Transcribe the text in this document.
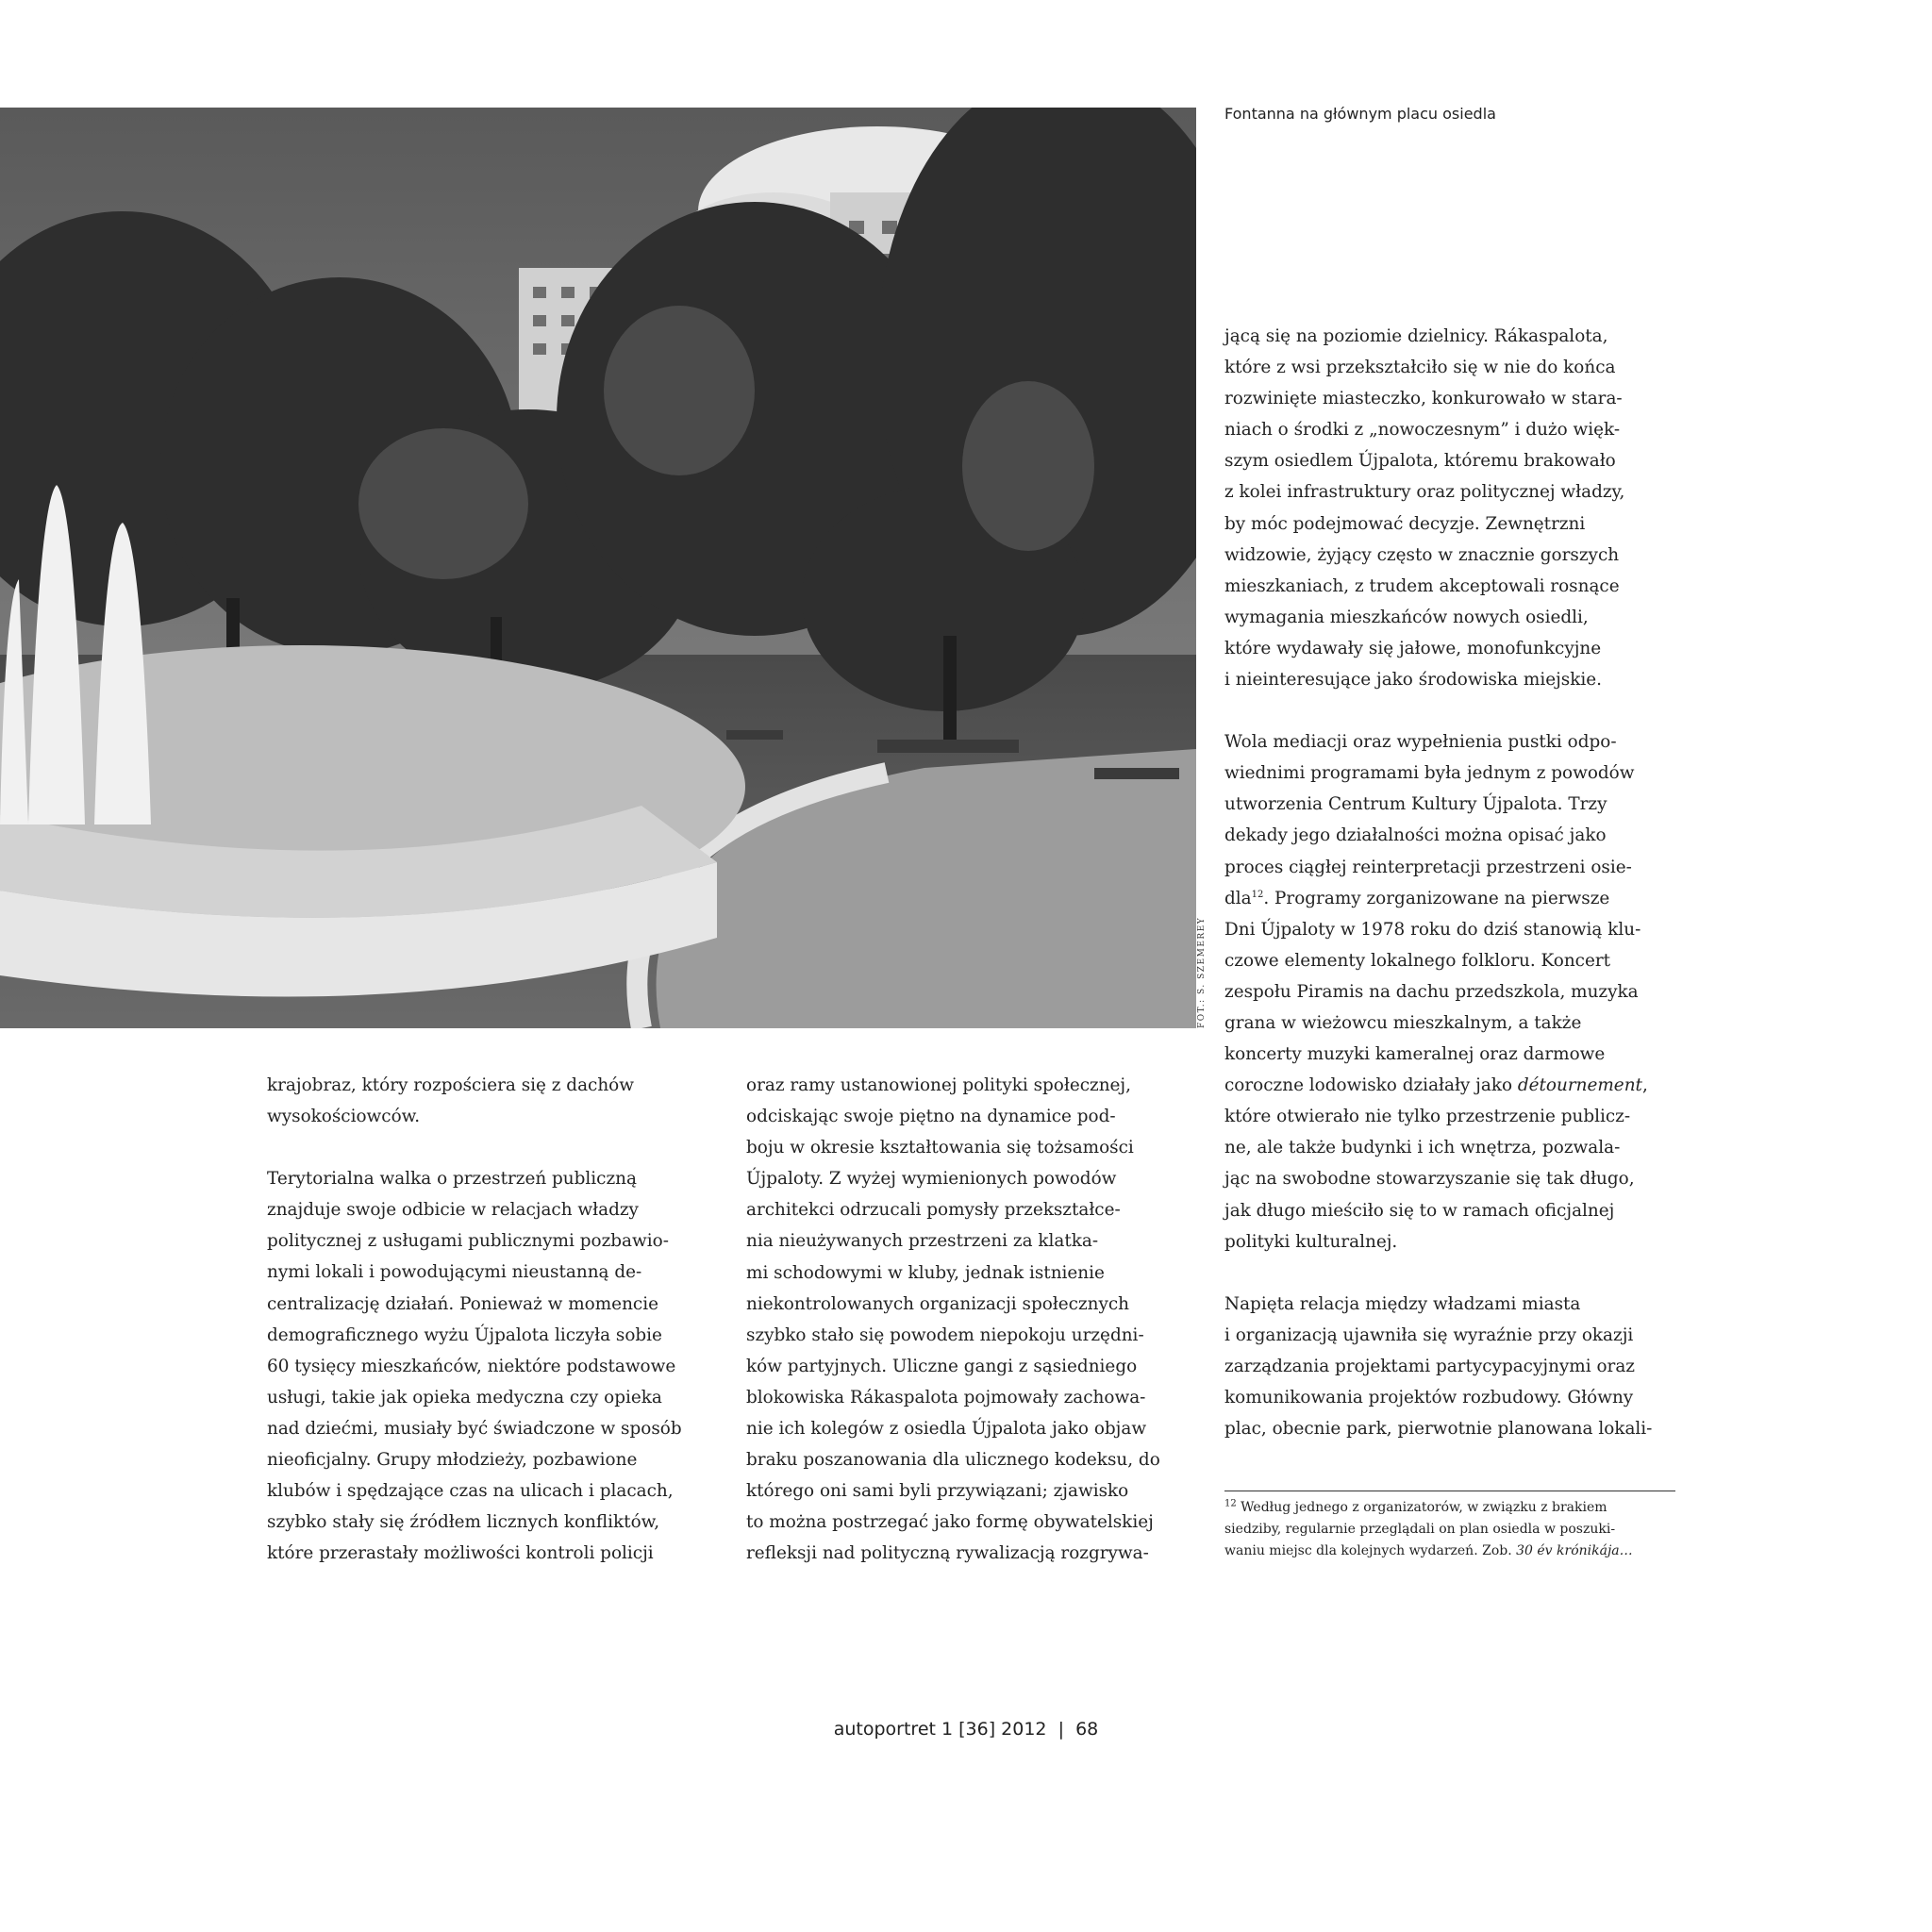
FOT.: S. SZEMEREY
Fontanna na głównym placu osiedla

krajobraz, który rozpościera się z dachów

wysokościowców.

Terytorialna walka o przestrzeń publiczną

znajduje swoje odbicie w relacjach władzy

politycznej z usługami publicznymi pozbawio-

nymi lokali i powodującymi nieustanną de-

centralizację działań. Ponieważ w momencie

demograficznego wyżu Újpalota liczyła sobie

60 tysięcy mieszkańców, niektóre podstawowe

usługi, takie jak opieka medyczna czy opieka

nad dziećmi, musiały być świadczone w sposób

nieoficjalny. Grupy młodzieży, pozbawione

klubów i spędzające czas na ulicach i placach,

szybko stały się źródłem licznych konfliktów,

które przerastały możliwości kontroli policji

oraz ramy ustanowionej polityki społecznej,

odciskając swoje piętno na dynamice pod-

boju w okresie kształtowania się tożsamości

Újpaloty. Z wyżej wymienionych powodów

architekci odrzucali pomysły przekształce-

nia nieużywanych przestrzeni za klatka-

mi schodowymi w kluby, jednak istnienie

niekontrolowanych organizacji społecznych

szybko stało się powodem niepokoju urzędni-

ków partyjnych. Uliczne gangi z sąsiedniego

blokowiska Rákaspalota pojmowały zachowa-

nie ich kolegów z osiedla Újpalota jako objaw

braku poszanowania dla ulicznego kodeksu, do

którego oni sami byli przywiązani; zjawisko

to można postrzegać jako formę obywatelskiej

refleksji nad polityczną rywalizacją rozgrywa-

jącą się na poziomie dzielnicy. Rákaspalota,

które z wsi przekształciło się w nie do końca

rozwinięte miasteczko, konkurowało w stara-

niach o środki z „nowoczesnym” i dużo więk-

szym osiedlem Újpalota, któremu brakowało

z kolei infrastruktury oraz politycznej władzy,

by móc podejmować decyzje. Zewnętrzni

widzowie, żyjący często w znacznie gorszych

mieszkaniach, z trudem akceptowali rosnące

wymagania mieszkańców nowych osiedli,

które wydawały się jałowe, monofunkcyjne

i nieinteresujące jako środowiska miejskie.

Wola mediacji oraz wypełnienia pustki odpo-

wiednimi programami była jednym z powodów

utworzenia Centrum Kultury Újpalota. Trzy

dekady jego działalności można opisać jako

proces ciągłej reinterpretacji przestrzeni osie-

dla$^{12}$. Programy zorganizowane na pierwsze

Dni Újpaloty w 1978 roku do dziś stanowią klu-

czowe elementy lokalnego folkloru. Koncert

zespołu Piramis na dachu przedszkola, muzyka

grana w wieżowcu mieszkalnym, a także

koncerty muzyki kameralnej oraz darmowe

coroczne lodowisko działały jako détournement,

które otwierało nie tylko przestrzenie publicz-

ne, ale także budynki i ich wnętrza, pozwala-

jąc na swobodne stowarzyszanie się tak długo,

jak długo mieściło się to w ramach oficjalnej

polityki kulturalnej.

Napięta relacja między władzami miasta

i organizacją ujawniła się wyraźnie przy okazji

zarządzania projektami partycypacyjnymi oraz

komunikowania projektów rozbudowy. Główny

plac, obecnie park, pierwotnie planowana lokali-

$^{12}$ Według jednego z organizatorów, w związku z brakiem

siedziby, regularnie przeglądali on plan osiedla w poszuki-

waniu miejsc dla kolejnych wydarzeń. Zob. 30 év krónikája…

autoportret 1 [36] 2012  |  68
